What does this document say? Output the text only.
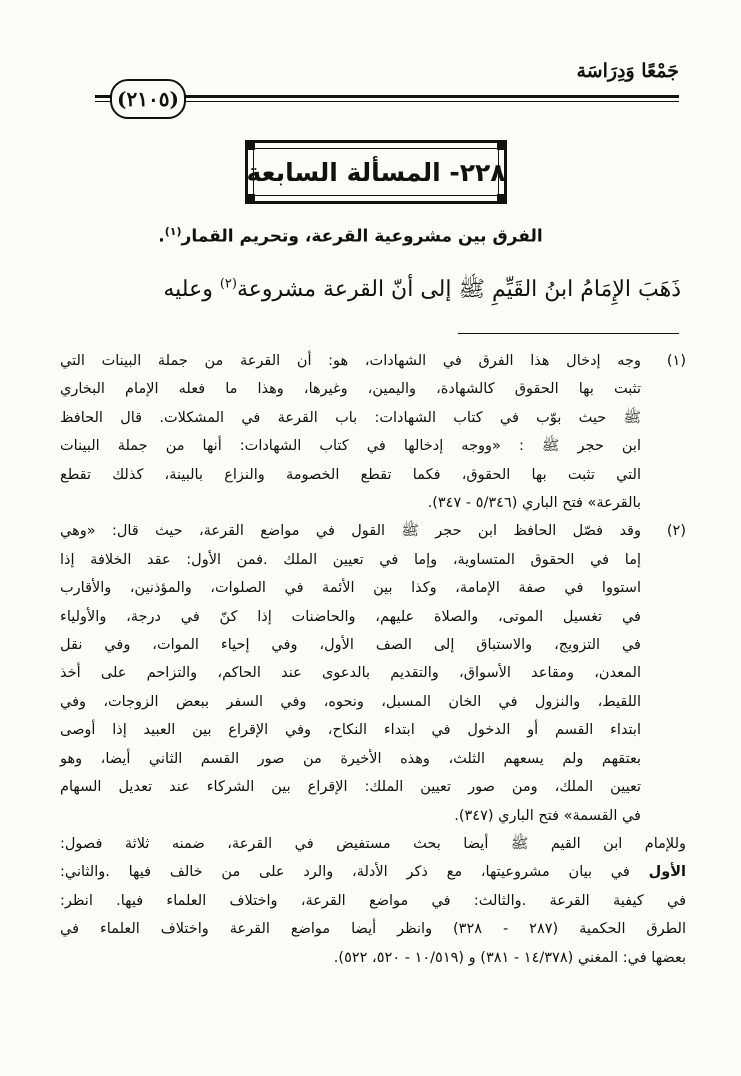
جَمْعًا وَدِرَاسَة
(٢١٠٥)
٢٢٨- المسألة السابعة
الفرق بين مشروعية القرعة، وتحريم القمار$^{(١)}$.
ذَهَبَ الإِمَامُ ابنُ القَيِّمِ ﷺ إلى أنّ القرعة مشروعة$^{(٢)}$ وعليه
(١)
وجه إدخال هذا الفرق في الشهادات، هو: أن القرعة من جملة البينات التي
تثبت بها الحقوق كالشهادة، واليمين، وغيرها، وهذا ما فعله الإمام البخاري
ﷺ حيث بوّب في كتاب الشهادات: باب القرعة في المشكلات. قال الحافظ
ابن حجر ﷺ : «ووجه إدخالها في كتاب الشهادات: أنها من جملة البينات
التي تثبت بها الحقوق، فكما تقطع الخصومة والنزاع بالبينة، كذلك تقطع
بالقرعة» فتح الباري (٥/٣٤٦ - ٣٤٧).
(٢)
وقد فصّل الحافظ ابن حجر ﷺ القول في مواضع القرعة، حيث قال: «وهي
إما في الحقوق المتساوية، وإما في تعيين الملك .فمن الأول: عقد الخلافة إذا
استووا في صفة الإمامة، وكذا بين الأئمة في الصلوات، والمؤذنين، والأقارب
في تغسيل الموتى، والصلاة عليهم، والحاضنات إذا كنّ في درجة، والأولياء
في التزويج، والاستباق إلى الصف الأول، وفي إحياء الموات، وفي نقل
المعدن، ومقاعد الأسواق، والتقديم بالدعوى عند الحاكم، والتزاحم على أخذ
اللقيط، والنزول في الخان المسبل، ونحوه، وفي السفر ببعض الزوجات، وفي
ابتداء القسم أو الدخول في ابتداء النكاح، وفي الإقراع بين العبيد إذا أوصى
بعتقهم ولم يسعهم الثلث، وهذه الأخيرة من صور القسم الثاني أيضا، وهو
تعيين الملك، ومن صور تعيين الملك: الإقراع بين الشركاء عند تعديل السهام
في القسمة» فتح الباري (٣٤٧).
وللإمام ابن القيم ﷺ أيضا بحث مستفيض في القرعة، ضمنه ثلاثة فصول:
الأول في بيان مشروعيتها، مع ذكر الأدلة، والرد على من خالف فيها .والثاني:
في كيفية القرعة .والثالث: في مواضع القرعة، واختلاف العلماء فيها. انظر:
الطرق الحكمية (٢٨٧ - ٣٢٨) وانظر أيضا مواضع القرعة واختلاف العلماء في
بعضها في: المغني (١٤/٣٧٨ - ٣٨١) و (١٠/٥١٩ - ٥٢٠، ٥٢٢).
